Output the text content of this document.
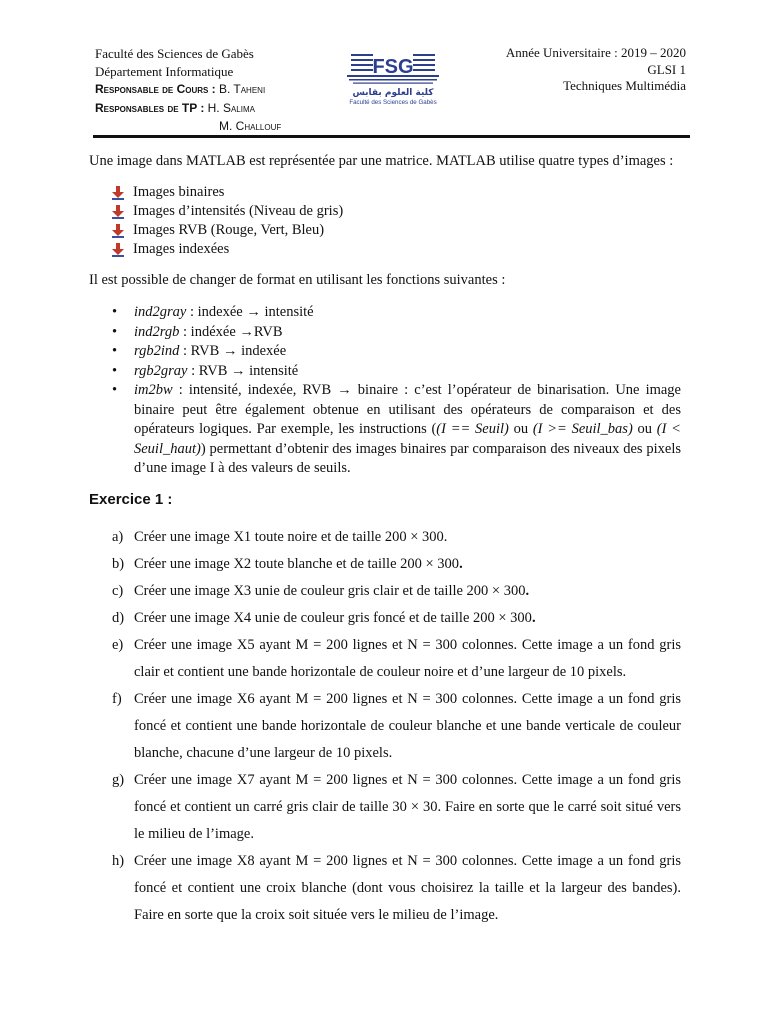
Faculté des Sciences de Gabès
Département Informatique
Responsable de Cours : B. Taheni
Responsables de TP : H. Salima
M. Challouf
FSG
كلية العلوم بقابس
Faculté des Sciences de Gabès
Année Universitaire : 2019 – 2020
GLSI 1
Techniques Multimédia

Une image dans MATLAB est représentée par une matrice. MATLAB utilise quatre types d’images :

Images binaires
Images d’intensités (Niveau de gris)
Images RVB (Rouge, Vert, Bleu)
Images indexées

Il est possible de changer de format en utilisant les fonctions suivantes :

• ind2gray : indexée → intensité
• ind2rgb : indéxée →RVB
• rgb2ind : RVB → indexée
• rgb2gray : RVB → intensité
• im2bw : intensité, indexée, RVB → binaire : c’est l’opérateur de binarisation. Une image binaire peut être également obtenue en utilisant des opérateurs de comparaison et des opérateurs logiques. Par exemple, les instructions ((I == Seuil) ou (I >= Seuil_bas) ou (I < Seuil_haut)) permettant d’obtenir des images binaires par comparaison des niveaux des pixels d’une image I à des valeurs de seuils.
Exercice 1 :
a) Créer une image X1 toute noire et de taille 200 × 300.
b) Créer une image X2 toute blanche et de taille 200 × 300.
c) Créer une image X3 unie de couleur gris clair et de taille 200 × 300.
d) Créer une image X4 unie de couleur gris foncé et de taille 200 × 300.
e) Créer une image X5 ayant M = 200 lignes et N = 300 colonnes. Cette image a un fond gris clair et contient une bande horizontale de couleur noire et d’une largeur de 10 pixels.
f) Créer une image X6 ayant M = 200 lignes et N = 300 colonnes. Cette image a un fond gris foncé et contient une bande horizontale de couleur blanche et une bande verticale de couleur blanche, chacune d’une largeur de 10 pixels.
g) Créer une image X7 ayant M = 200 lignes et N = 300 colonnes. Cette image a un fond gris foncé et contient un carré gris clair de taille 30 × 30. Faire en sorte que le carré soit situé vers le milieu de l’image.
h) Créer une image X8 ayant M = 200 lignes et N = 300 colonnes. Cette image a un fond gris foncé et contient une croix blanche (dont vous choisirez la taille et la largeur des bandes). Faire en sorte que la croix soit située vers le milieu de l’image.
